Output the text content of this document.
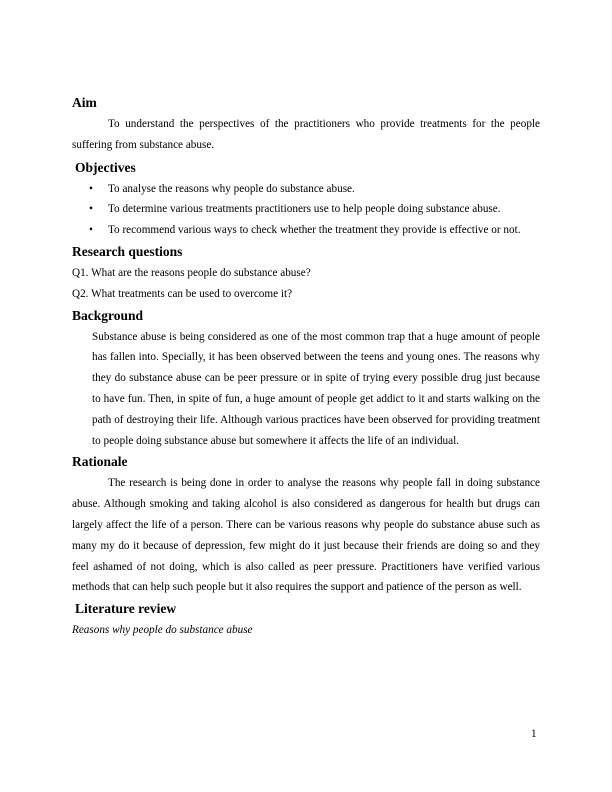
Aim

To understand the perspectives of the practitioners who provide treatments for the people suffering from substance abuse.

Objectives
• To analyse the reasons why people do substance abuse.
• To determine various treatments practitioners use to help people doing substance abuse.
• To recommend various ways to check whether the treatment they provide is effective or not.
Research questions

Q1. What are the reasons people do substance abuse?

Q2. What treatments can be used to overcome it?

Background

Substance abuse is being considered as one of the most common trap that a huge amount of people has fallen into. Specially, it has been observed between the teens and young ones. The reasons why they do substance abuse can be peer pressure or in spite of trying every possible drug just because to have fun. Then, in spite of fun, a huge amount of people get addict to it and starts walking on the path of destroying their life. Although various practices have been observed for providing treatment to people doing substance abuse but somewhere it affects the life of an individual.

Rationale

The research is being done in order to analyse the reasons why people fall in doing substance abuse. Although smoking and taking alcohol is also considered as dangerous for health but drugs can largely affect the life of a person. There can be various reasons why people do substance abuse such as many my do it because of depression, few might do it just because their friends are doing so and they feel ashamed of not doing, which is also called as peer pressure. Practitioners have verified various methods that can help such people but it also requires the support and patience of the person as well.

Literature review

Reasons why people do substance abuse

1
